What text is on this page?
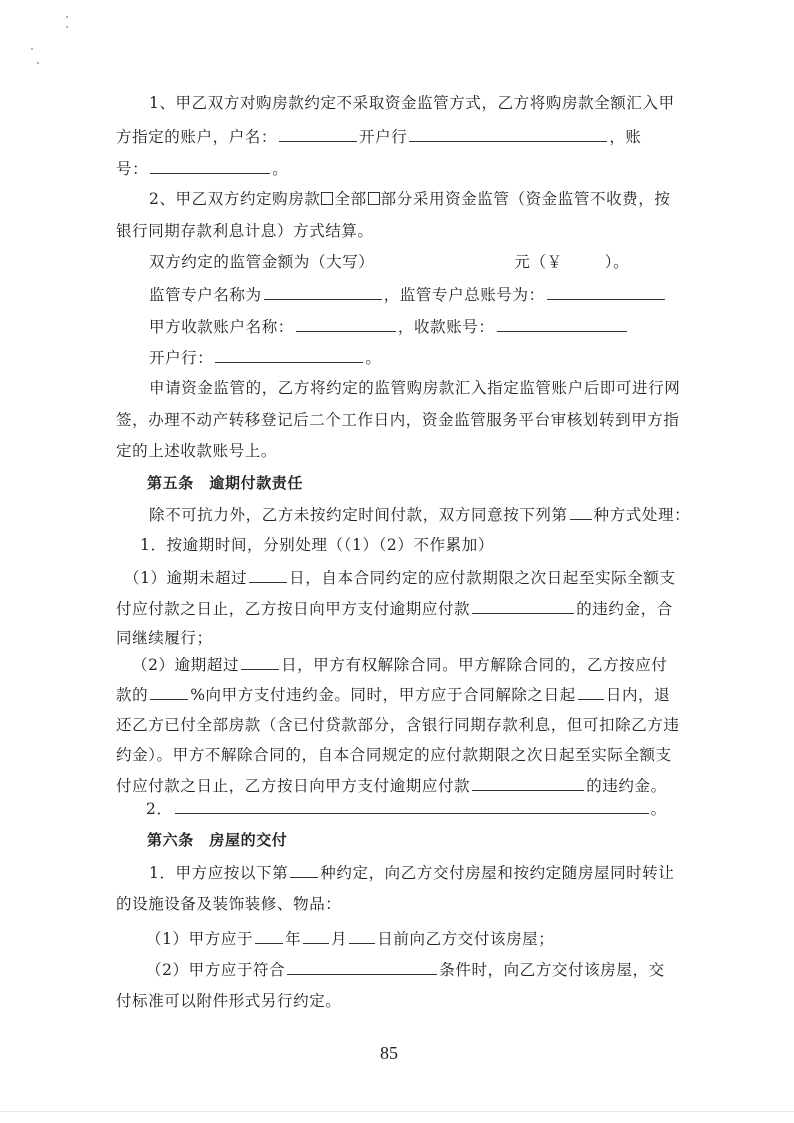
1、甲乙双方对购房款约定不采取资金监管方式，乙方将购房款全额汇入甲
方指定的账户，户名：	开户行	，账
号：	。
2、甲乙双方约定购房款 全部 部分采用资金监管（资金监管不收费，按
银行同期存款利息计息）方式结算。
双方约定的监管金额为（大写）	元（￥	）。
监管专户名称为	，监管专户总账号为：
甲方收款账户名称：	，收款账号：
开户行：	。
申请资金监管的，乙方将约定的监管购房款汇入指定监管账户后即可进行网
签，办理不动产转移登记后二个工作日内，资金监管服务平台审核划转到甲方指
定的上述收款账号上。
第五条　逾期付款责任
除不可抗力外，乙方未按约定时间付款，双方同意按下列第 种方式处理：
1．按逾期时间，分别处理（（1）（2）不作累加）
（1）逾期未超过	日，自本合同约定的应付款期限之次日起至实际全额支
付应付款之日止，乙方按日向甲方支付逾期应付款	的违约金，合
同继续履行；
（2）逾期超过	日，甲方有权解除合同。甲方解除合同的，乙方按应付
款的	%向甲方支付违约金。同时，甲方应于合同解除之日起 日内，退
还乙方已付全部房款（含已付贷款部分，含银行同期存款利息，但可扣除乙方违
约金）。甲方不解除合同的，自本合同规定的应付款期限之次日起至实际全额支
付应付款之日止，乙方按日向甲方支付逾期应付款	的违约金。
2．	。
第六条　房屋的交付
1．甲方应按以下第 种约定，向乙方交付房屋和按约定随房屋同时转让
的设施设备及装饰装修、物品：
（1）甲方应于 年 月 日前向乙方交付该房屋；
（2）甲方应于符合	条件时，向乙方交付该房屋，交
付标准可以附件形式另行约定。
85
